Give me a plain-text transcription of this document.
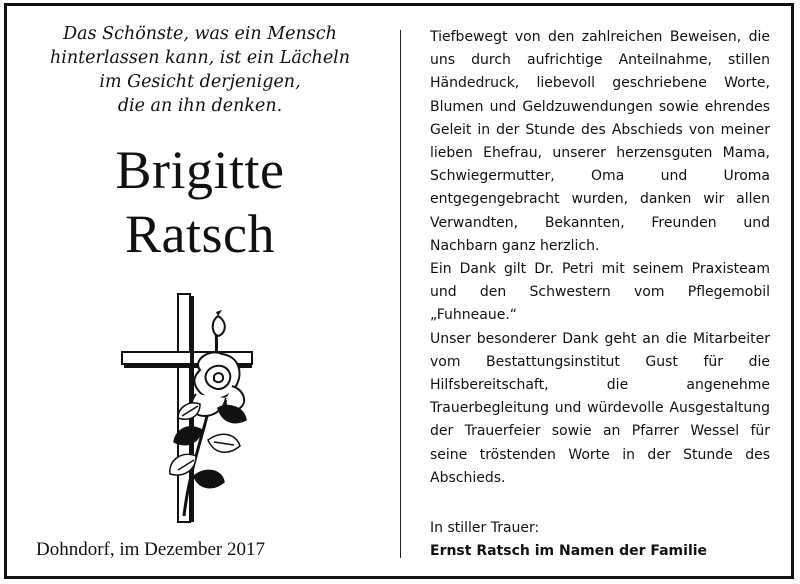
Das Schönste, was ein Mensch
hinterlassen kann, ist ein Lächeln
im Gesicht derjenigen,
die an ihn denken.
Brigitte
Ratsch
Dohndorf, im Dezember 2017

Tiefbewegt von den zahlreichen Beweisen, die uns durch aufrichtige Anteilnahme, stillen Händedruck, liebevoll geschriebene Worte, Blumen und Geldzuwendungen sowie ehrendes Geleit in der Stunde des Abschieds von meiner lieben Ehefrau, unserer herzensguten Mama, Schwiegermutter, Oma und Uroma entgegengebracht wurden, danken wir allen Verwandten, Bekannten, Freunden und Nachbarn ganz herzlich.

Ein Dank gilt Dr. Petri mit seinem Praxisteam und den Schwestern vom Pflegemobil „Fuhneaue.“

Unser besonderer Dank geht an die Mitarbeiter vom Bestattungsinstitut Gust für die Hilfsbereitschaft, die angenehme Trauerbegleitung und würdevolle Ausgestaltung der Trauerfeier sowie an Pfarrer Wessel für seine tröstenden Worte in der Stunde des Abschieds.

In stiller Trauer:
Ernst Ratsch im Namen der Familie
